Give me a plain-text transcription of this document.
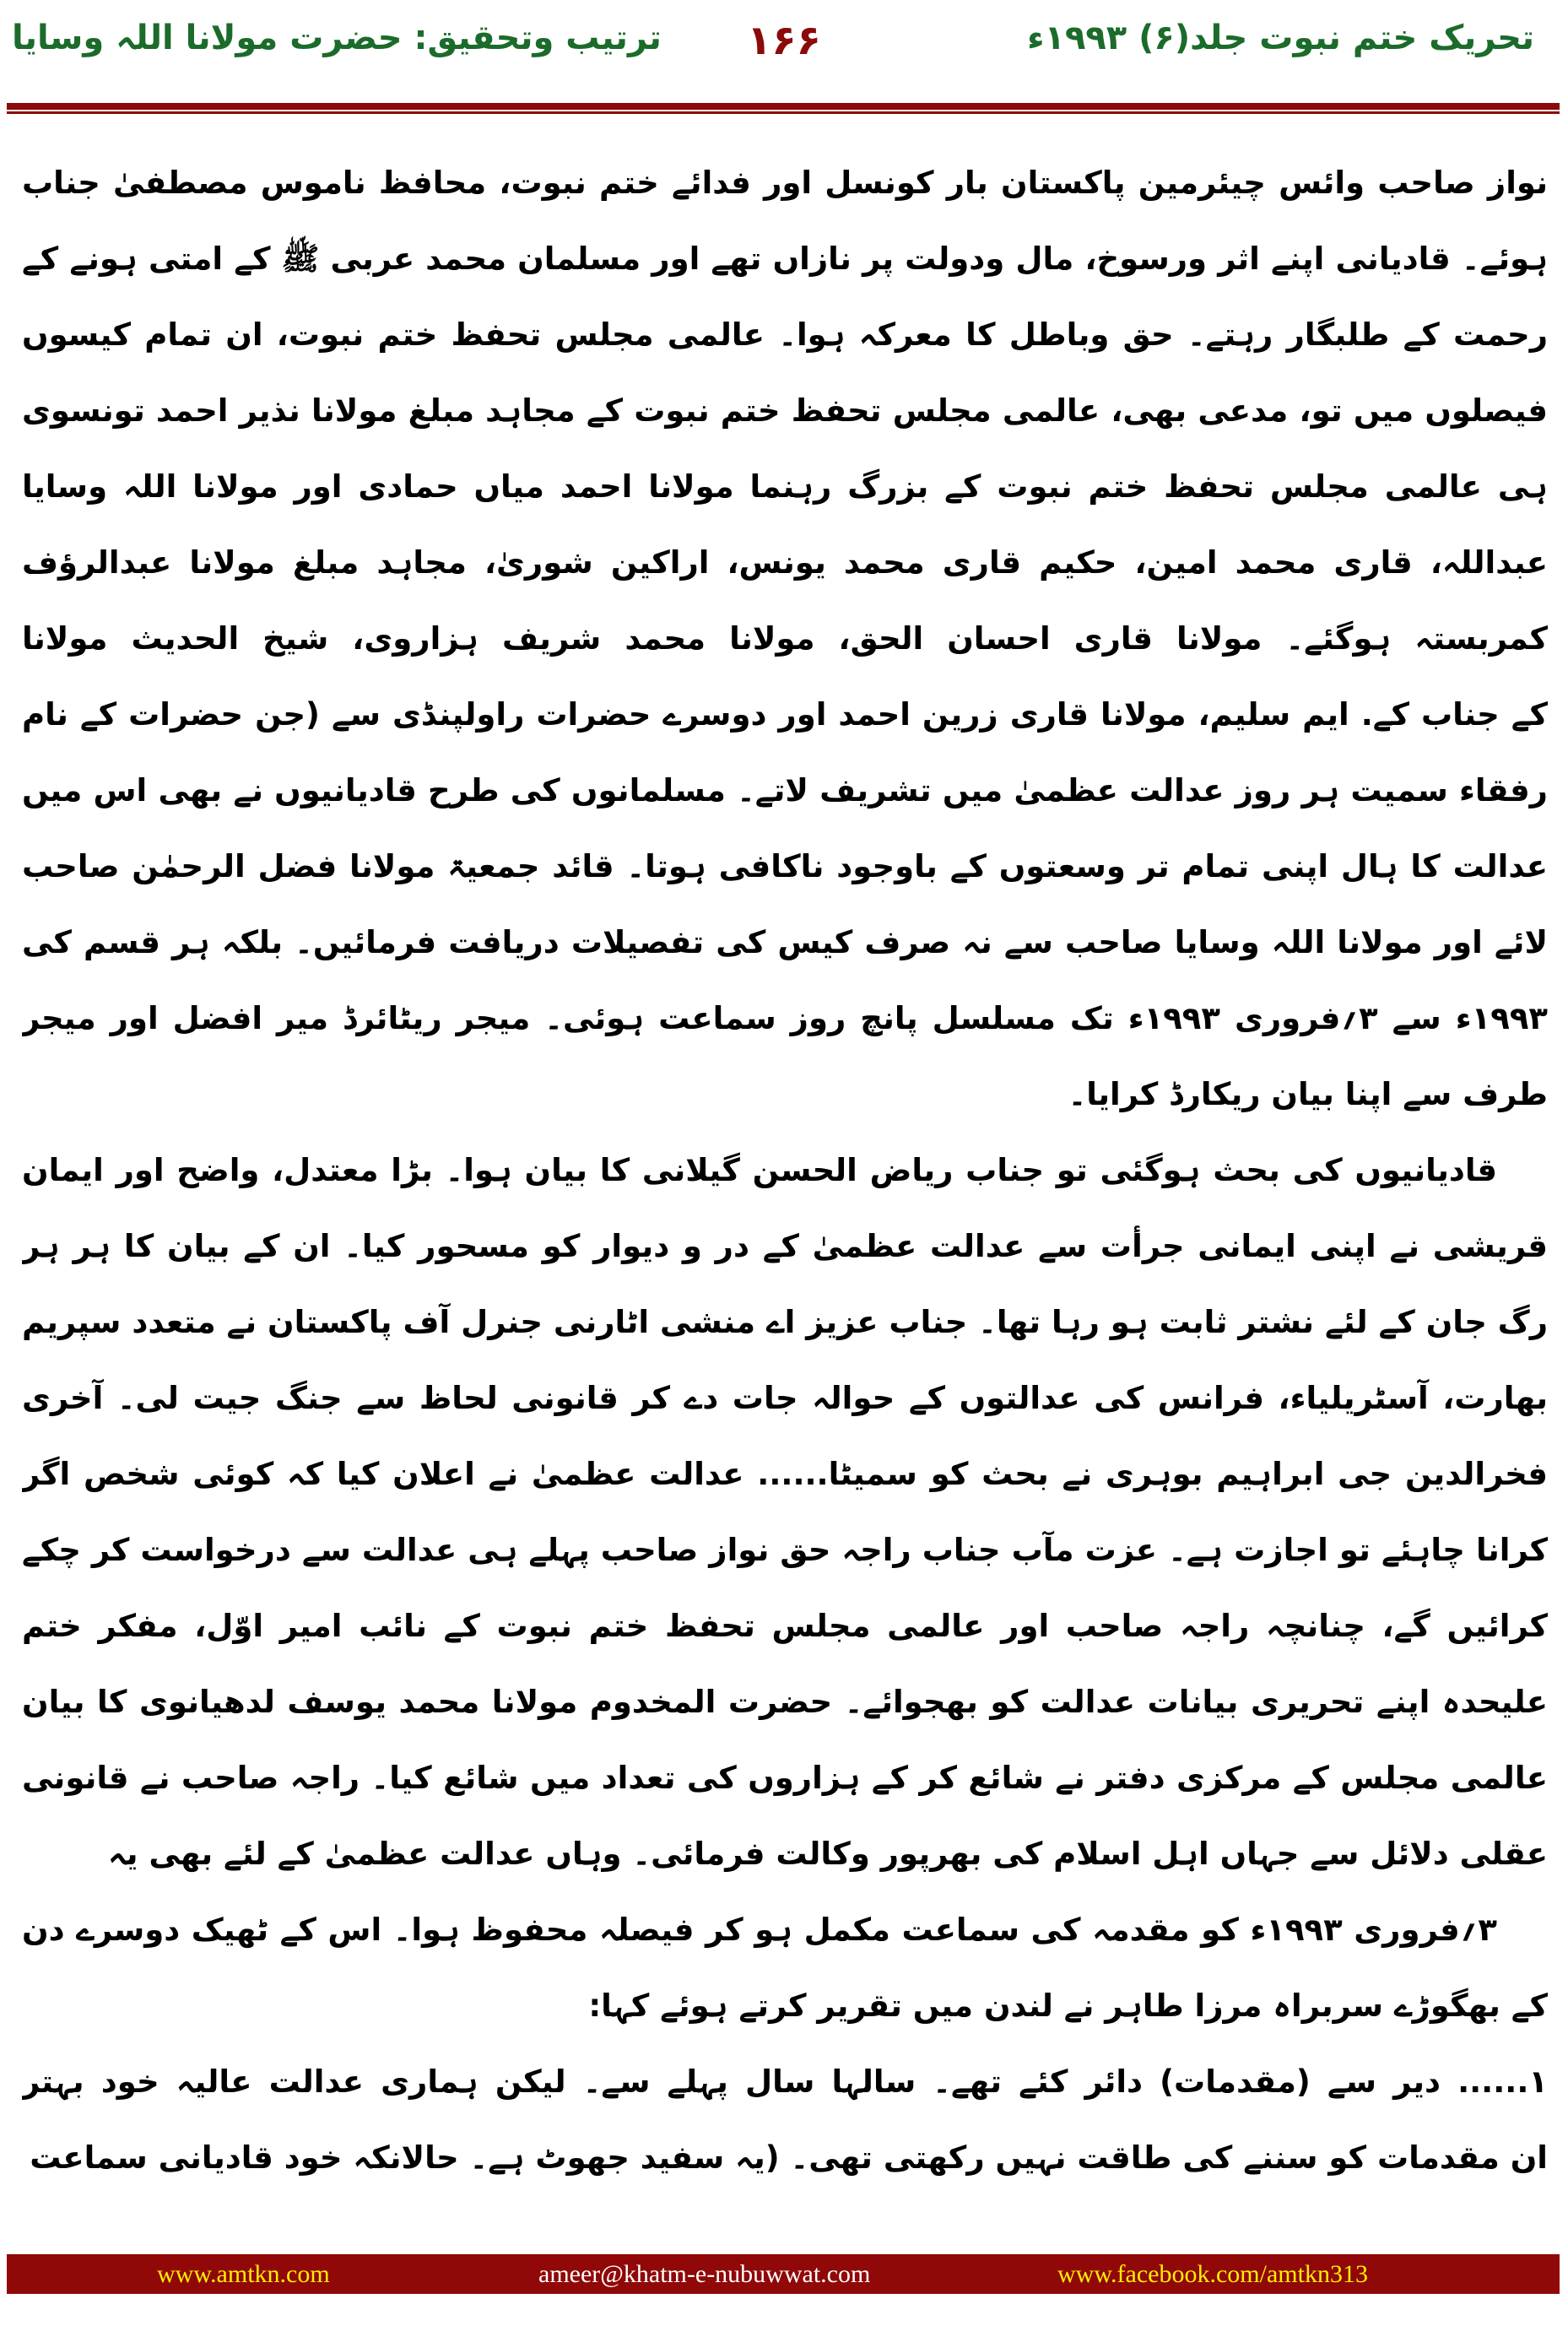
تحریک ختم نبوت جلد(۶) ۱۹۹۳ء
۱۶۶
ترتیب وتحقیق: حضرت مولانا اللہ وسایا
نواز صاحب وائس چیئرمین پاکستان بار کونسل اور فدائے ختم نبوت، محافظ ناموس مصطفیٰ جناب
ہوئے۔ قادیانی اپنے اثر ورسوخ، مال ودولت پر نازاں تھے اور مسلمان محمد عربی ﷺ کے امتی ہونے کے
رحمت کے طلبگار رہتے۔ حق وباطل کا معرکہ ہوا۔ عالمی مجلس تحفظ ختم نبوت، ان تمام کیسوں
فیصلوں میں تو، مدعی بھی، عالمی مجلس تحفظ ختم نبوت کے مجاہد مبلغ مولانا نذیر احمد تونسوی
ہی عالمی مجلس تحفظ ختم نبوت کے بزرگ رہنما مولانا احمد میاں حمادی اور مولانا اللہ وسایا
عبداللہ، قاری محمد امین، حکیم قاری محمد یونس، اراکین شوریٰ، مجاہد مبلغ مولانا عبدالرؤف
کمربستہ ہوگئے۔ مولانا قاری احسان الحق، مولانا محمد شریف ہزاروی، شیخ الحدیث مولانا
کے جناب کے. ایم سلیم، مولانا قاری زرین احمد اور دوسرے حضرات راولپنڈی سے (جن حضرات کے نام
رفقاء سمیت ہر روز عدالت عظمیٰ میں تشریف لاتے۔ مسلمانوں کی طرح قادیانیوں نے بھی اس میں
عدالت کا ہال اپنی تمام تر وسعتوں کے باوجود ناکافی ہوتا۔ قائد جمعیۃ مولانا فضل الرحمٰن صاحب
لائے اور مولانا اللہ وسایا صاحب سے نہ صرف کیس کی تفصیلات دریافت فرمائیں۔ بلکہ ہر قسم کی
۱۹۹۳ء سے ۳؍فروری ۱۹۹۳ء تک مسلسل پانچ روز سماعت ہوئی۔ میجر ریٹائرڈ میر افضل اور میجر
طرف سے اپنا بیان ریکارڈ کرایا۔
قادیانیوں کی بحث ہوگئی تو جناب ریاض الحسن گیلانی کا بیان ہوا۔ بڑا معتدل، واضح اور ایمان
قریشی نے اپنی ایمانی جرأت سے عدالت عظمیٰ کے در و دیوار کو مسحور کیا۔ ان کے بیان کا ہر ہر
رگ جان کے لئے نشتر ثابت ہو رہا تھا۔ جناب عزیز اے منشی اٹارنی جنرل آف پاکستان نے متعدد سپریم
بھارت، آسٹریلیاء، فرانس کی عدالتوں کے حوالہ جات دے کر قانونی لحاظ سے جنگ جیت لی۔ آخری
فخرالدین جی ابراہیم بوہری نے بحث کو سمیٹا...... عدالت عظمیٰ نے اعلان کیا کہ کوئی شخص اگر
کرانا چاہئے تو اجازت ہے۔ عزت مآب جناب راجہ حق نواز صاحب پہلے ہی عدالت سے درخواست کر چکے
کرائیں گے، چنانچہ راجہ صاحب اور عالمی مجلس تحفظ ختم نبوت کے نائب امیر اوّل، مفکر ختم
علیحدہ اپنے تحریری بیانات عدالت کو بھجوائے۔ حضرت المخدوم مولانا محمد یوسف لدھیانوی کا بیان
عالمی مجلس کے مرکزی دفتر نے شائع کر کے ہزاروں کی تعداد میں شائع کیا۔ راجہ صاحب نے قانونی
عقلی دلائل سے جہاں اہل اسلام کی بھرپور وکالت فرمائی۔ وہاں عدالت عظمیٰ کے لئے بھی یہ
۳؍فروری ۱۹۹۳ء کو مقدمہ کی سماعت مکمل ہو کر فیصلہ محفوظ ہوا۔ اس کے ٹھیک دوسرے دن
کے بھگوڑے سربراہ مرزا طاہر نے لندن میں تقریر کرتے ہوئے کہا:
۱...... دیر سے (مقدمات) دائر کئے تھے۔ سالہا سال پہلے سے۔ لیکن ہماری عدالت عالیہ خود بہتر
ان مقدمات کو سننے کی طاقت نہیں رکھتی تھی۔ (یہ سفید جھوٹ ہے۔ حالانکہ خود قادیانی سماعت
www.amtkn.com	ameer@khatm-e-nubuwwat.com	www.facebook.com/amtkn313
